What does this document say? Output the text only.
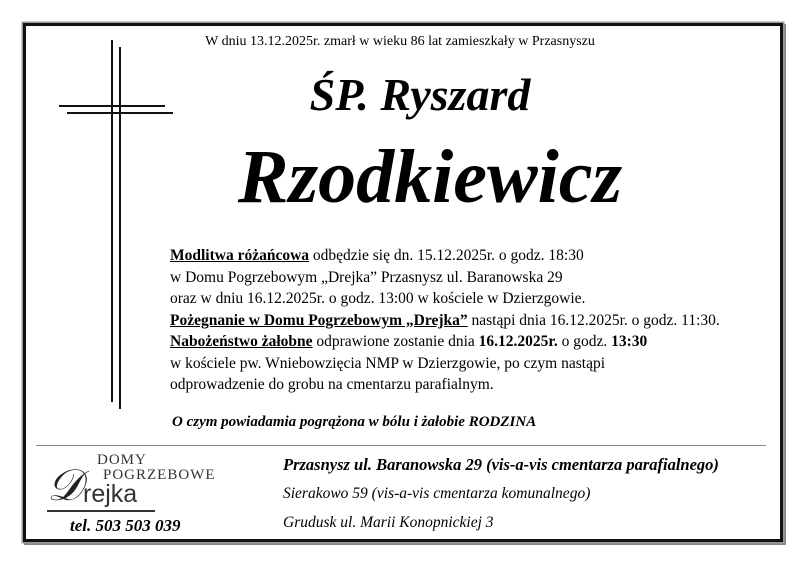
W dniu 13.12.2025r. zmarł w wieku 86 lat zamieszkały w Przasnyszu
ŚP. Ryszard
Rzodkiewicz
Modlitwa różańcowa odbędzie się dn. 15.12.2025r. o godz. 18:30
w Domu Pogrzebowym „Drejka” Przasnysz ul. Baranowska 29
oraz w dniu 16.12.2025r. o godz. 13:00 w kościele w Dzierzgowie.
Pożegnanie w Domu Pogrzebowym „Drejka” nastąpi dnia 16.12.2025r. o godz. 11:30.
Nabożeństwo żałobne odprawione zostanie dnia 16.12.2025r. o godz. 13:30
w kościele pw. Wniebowzięcia NMP w Dzierzgowie, po czym nastąpi
odprowadzenie do grobu na cmentarzu parafialnym.
O czym powiadamia pogrążona w bólu i żałobie RODZINA
DOMY
POGRZEBOWE
𝒟 rejka
tel. 503 503 039
Przasnysz ul. Baranowska 29 (vis-a-vis cmentarza parafialnego)
Sierakowo 59 (vis-a-vis cmentarza komunalnego)
Grudusk ul. Marii Konopnickiej 3
